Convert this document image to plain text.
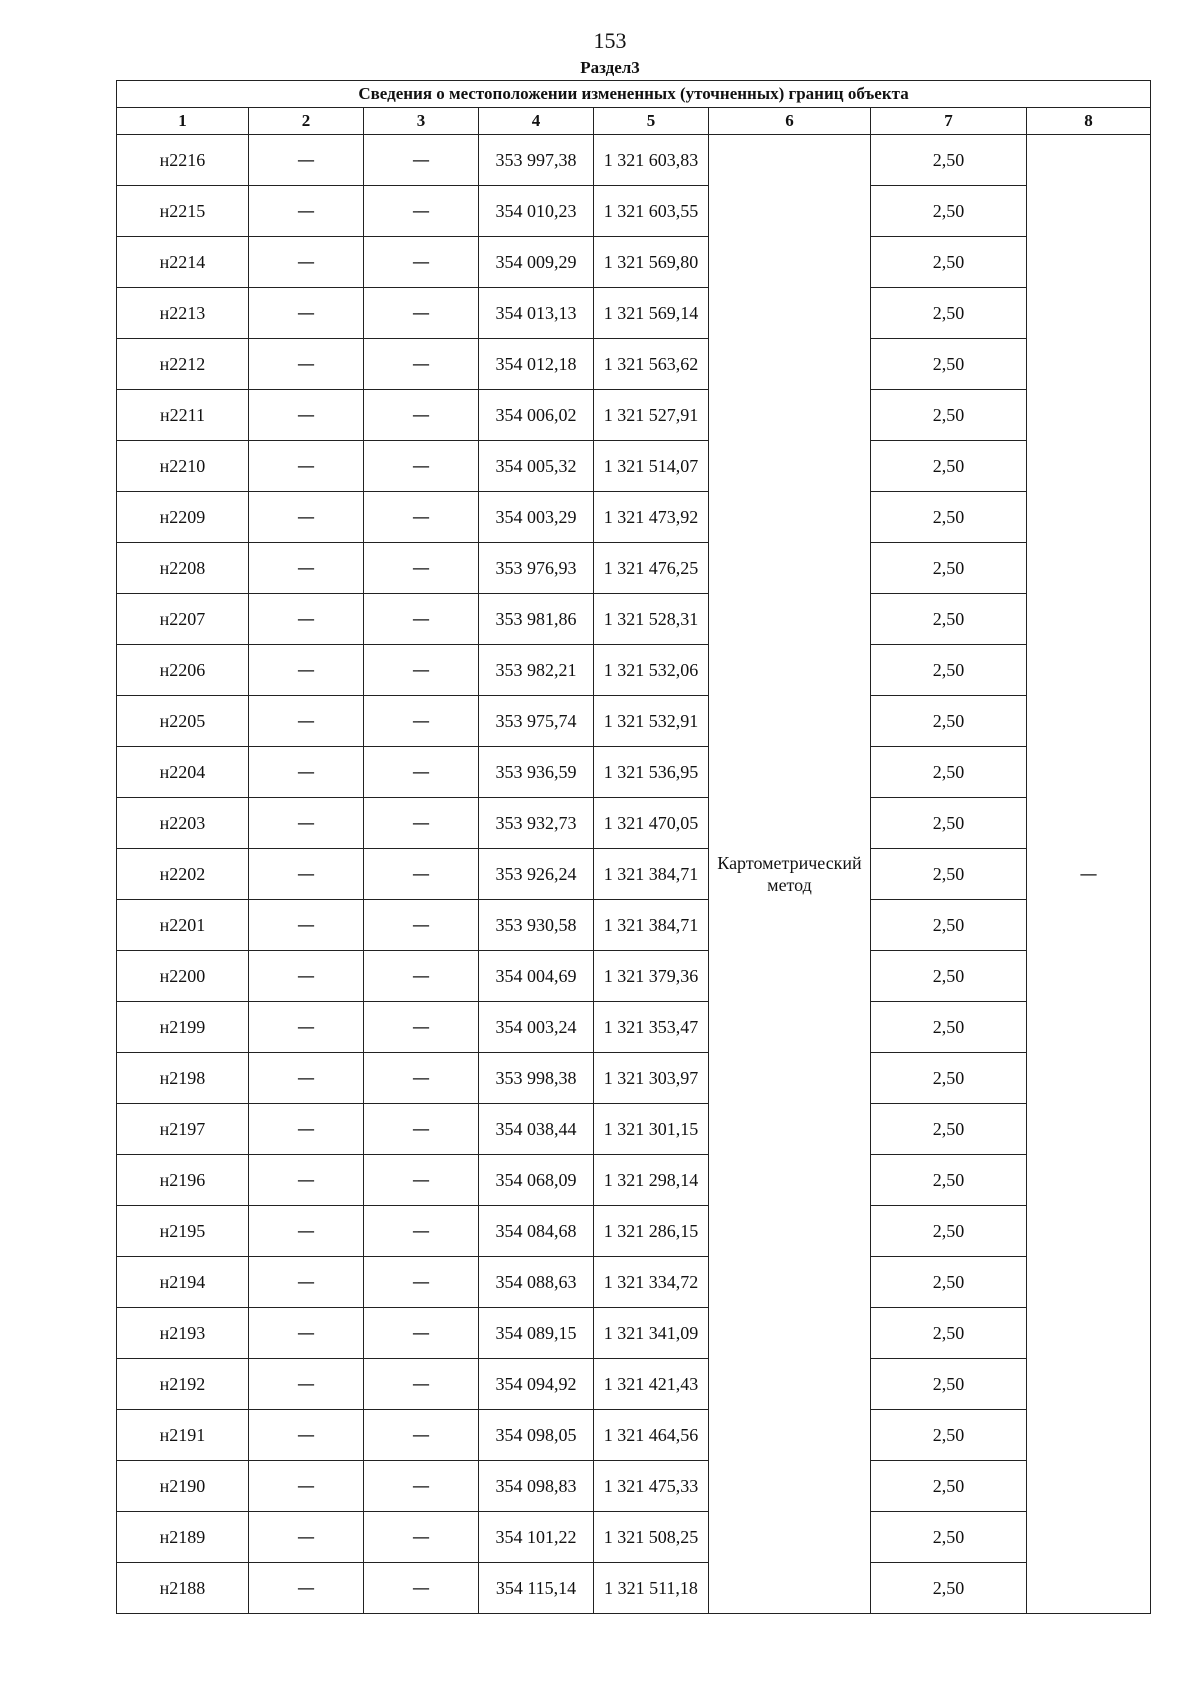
153
Раздел3
Сведения о местоположении измененных (уточненных) границ объекта							
1	2	3	4	5	6	7	8
н2216	—	—	353 997,38	1 321 603,83	Картометрический метод	2,50	—
н2215	—	—	354 010,23	1 321 603,55		2,50	
н2214	—	—	354 009,29	1 321 569,80		2,50	
н2213	—	—	354 013,13	1 321 569,14		2,50	
н2212	—	—	354 012,18	1 321 563,62		2,50	
н2211	—	—	354 006,02	1 321 527,91		2,50	
н2210	—	—	354 005,32	1 321 514,07		2,50	
н2209	—	—	354 003,29	1 321 473,92		2,50	
н2208	—	—	353 976,93	1 321 476,25		2,50	
н2207	—	—	353 981,86	1 321 528,31		2,50	
н2206	—	—	353 982,21	1 321 532,06		2,50	
н2205	—	—	353 975,74	1 321 532,91		2,50	
н2204	—	—	353 936,59	1 321 536,95		2,50	
н2203	—	—	353 932,73	1 321 470,05		2,50	
н2202	—	—	353 926,24	1 321 384,71		2,50	
н2201	—	—	353 930,58	1 321 384,71		2,50	
н2200	—	—	354 004,69	1 321 379,36		2,50	
н2199	—	—	354 003,24	1 321 353,47		2,50	
н2198	—	—	353 998,38	1 321 303,97		2,50	
н2197	—	—	354 038,44	1 321 301,15		2,50	
н2196	—	—	354 068,09	1 321 298,14		2,50	
н2195	—	—	354 084,68	1 321 286,15		2,50	
н2194	—	—	354 088,63	1 321 334,72		2,50	
н2193	—	—	354 089,15	1 321 341,09		2,50	
н2192	—	—	354 094,92	1 321 421,43		2,50	
н2191	—	—	354 098,05	1 321 464,56		2,50	
н2190	—	—	354 098,83	1 321 475,33		2,50	
н2189	—	—	354 101,22	1 321 508,25		2,50	
н2188	—	—	354 115,14	1 321 511,18		2,50	
